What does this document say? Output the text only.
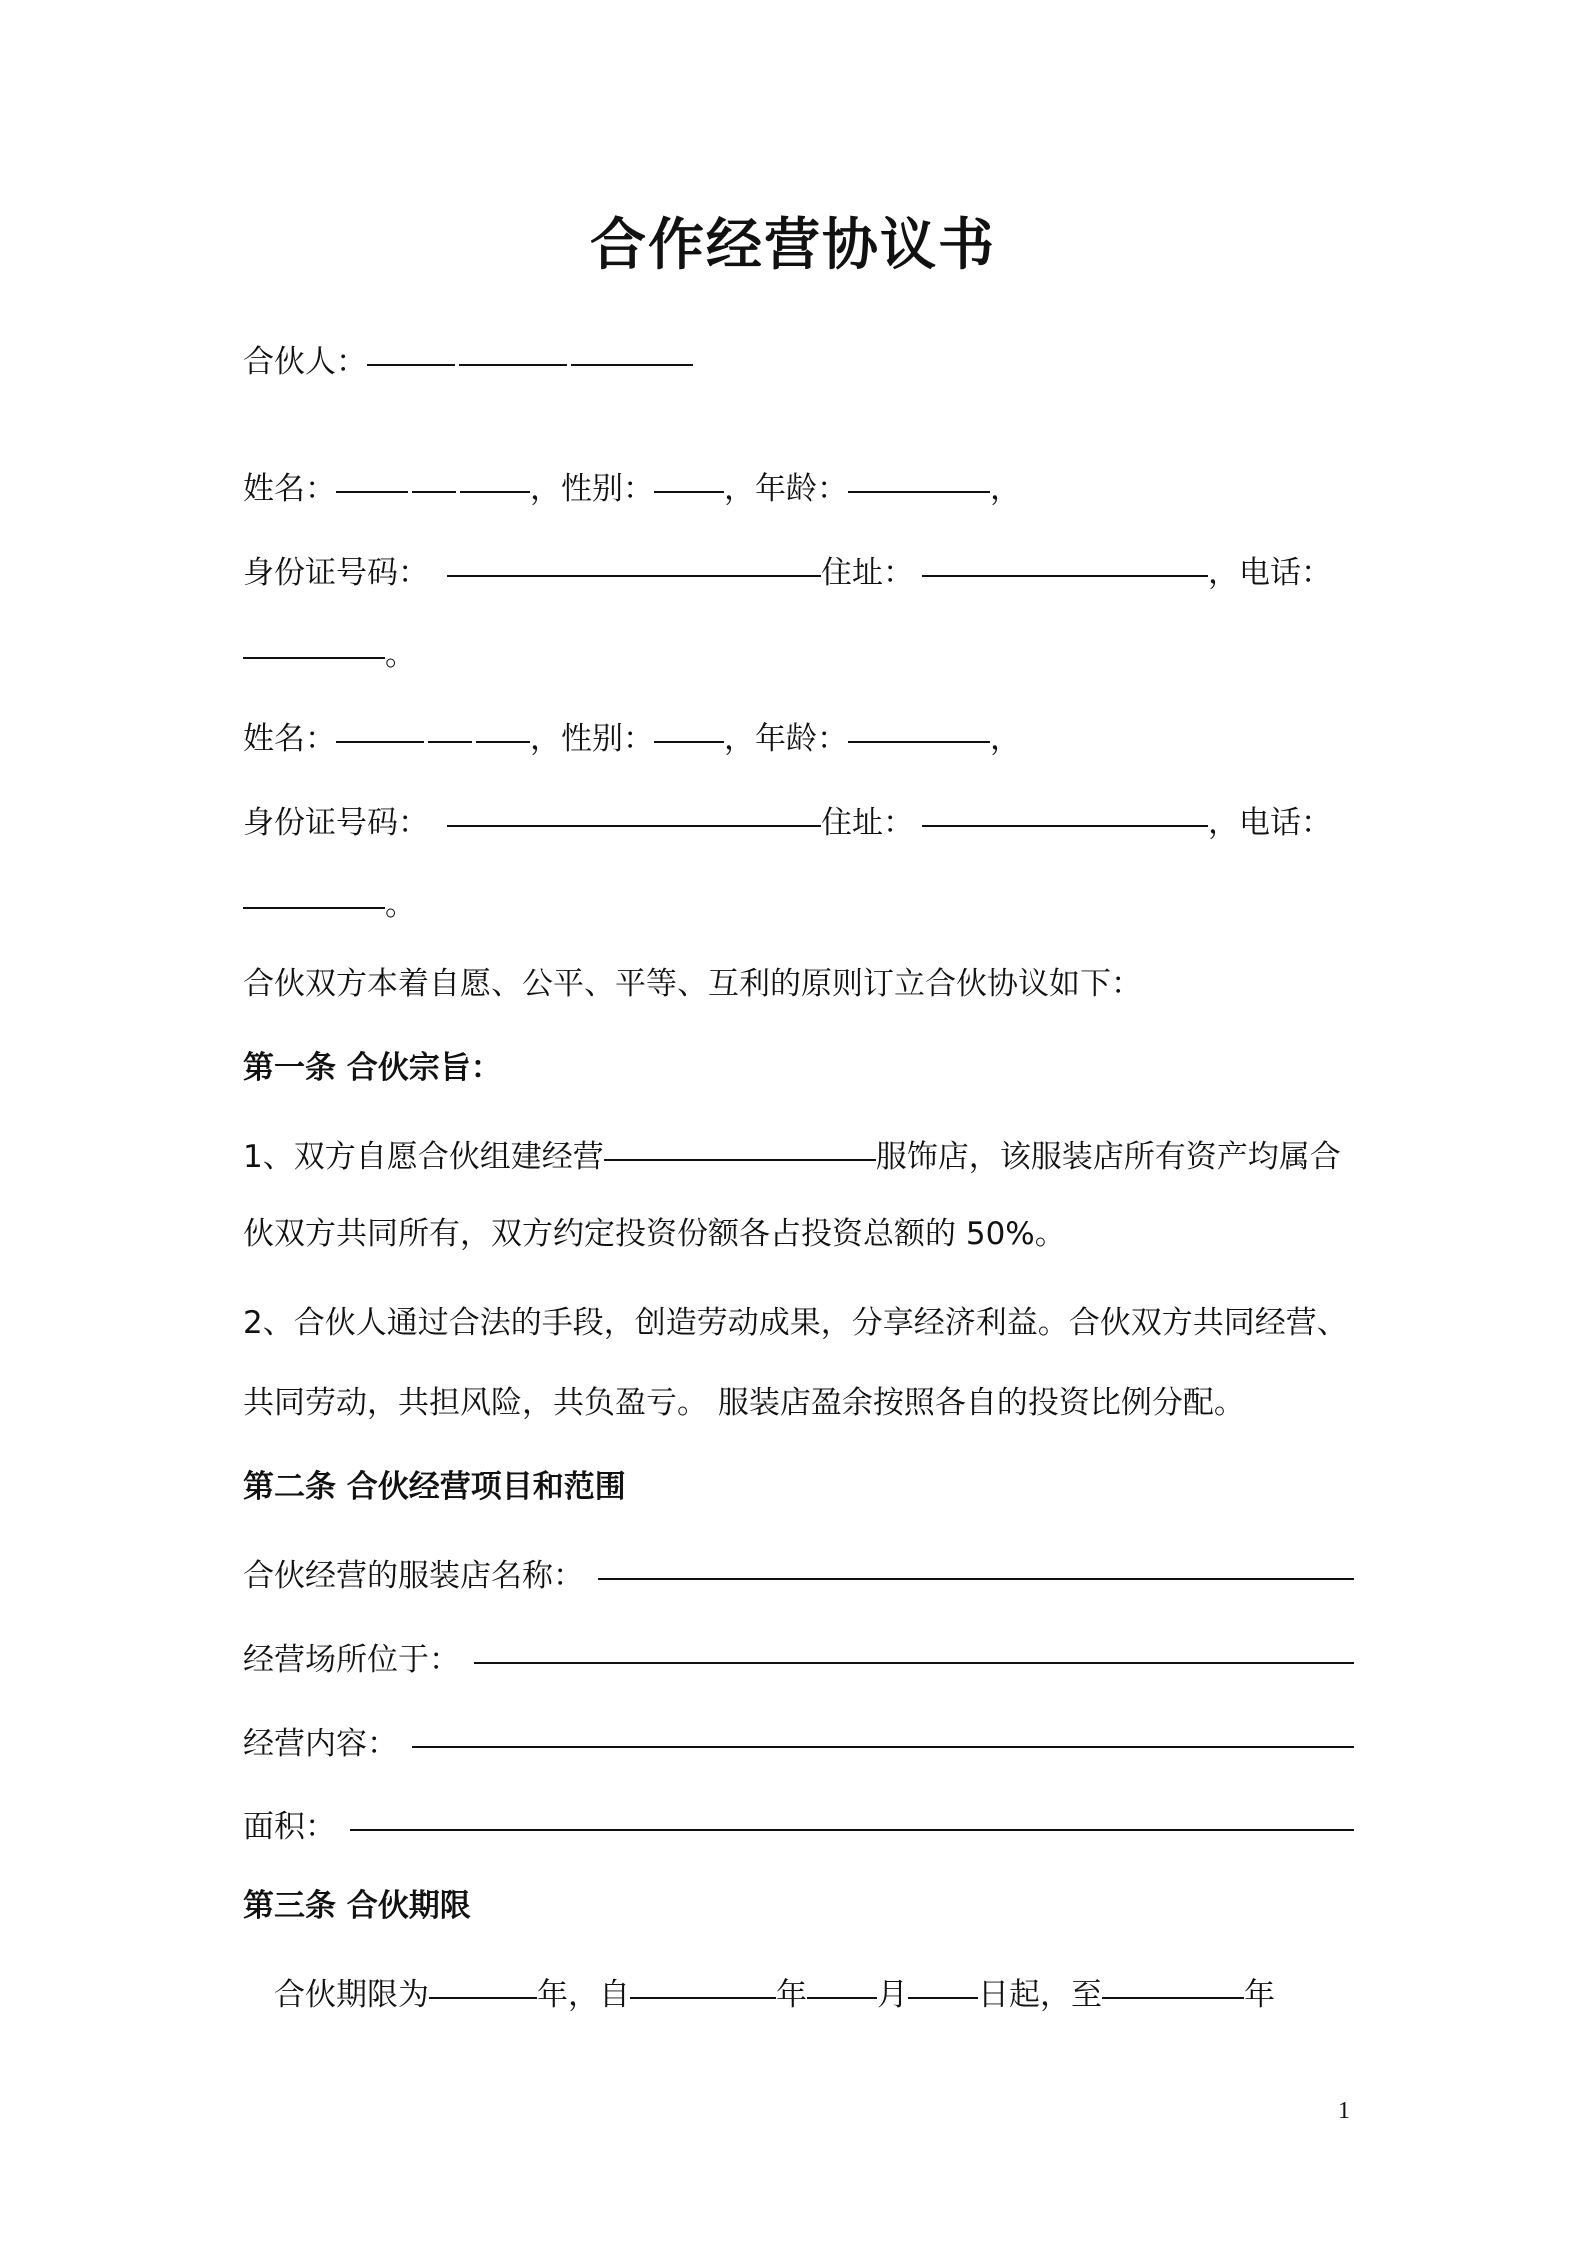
合作经营协议书
合伙人：
姓名：	，性别： ，年龄：	，
身份证号码：	住址：	，电话：
。
姓名：	，性别： ，年龄：	，
身份证号码：	住址：	，电话：
。
合伙双方本着自愿、公平、平等、互利的原则订立合伙协议如下：
第一条 合伙宗旨：
1、双方自愿合伙组建经营	服饰店，该服装店所有资产均属合
伙双方共同所有，双方约定投资份额各占投资总额的 50%。
2、合伙人通过合法的手段，创造劳动成果，分享经济利益。合伙双方共同经营、
共同劳动，共担风险，共负盈亏。 服装店盈余按照各自的投资比例分配。
第二条 合伙经营项目和范围
合伙经营的服装店名称：
经营场所位于：
经营内容：
面积：
第三条 合伙期限
合伙期限为	年，自	年 月 日起，至	年
1
